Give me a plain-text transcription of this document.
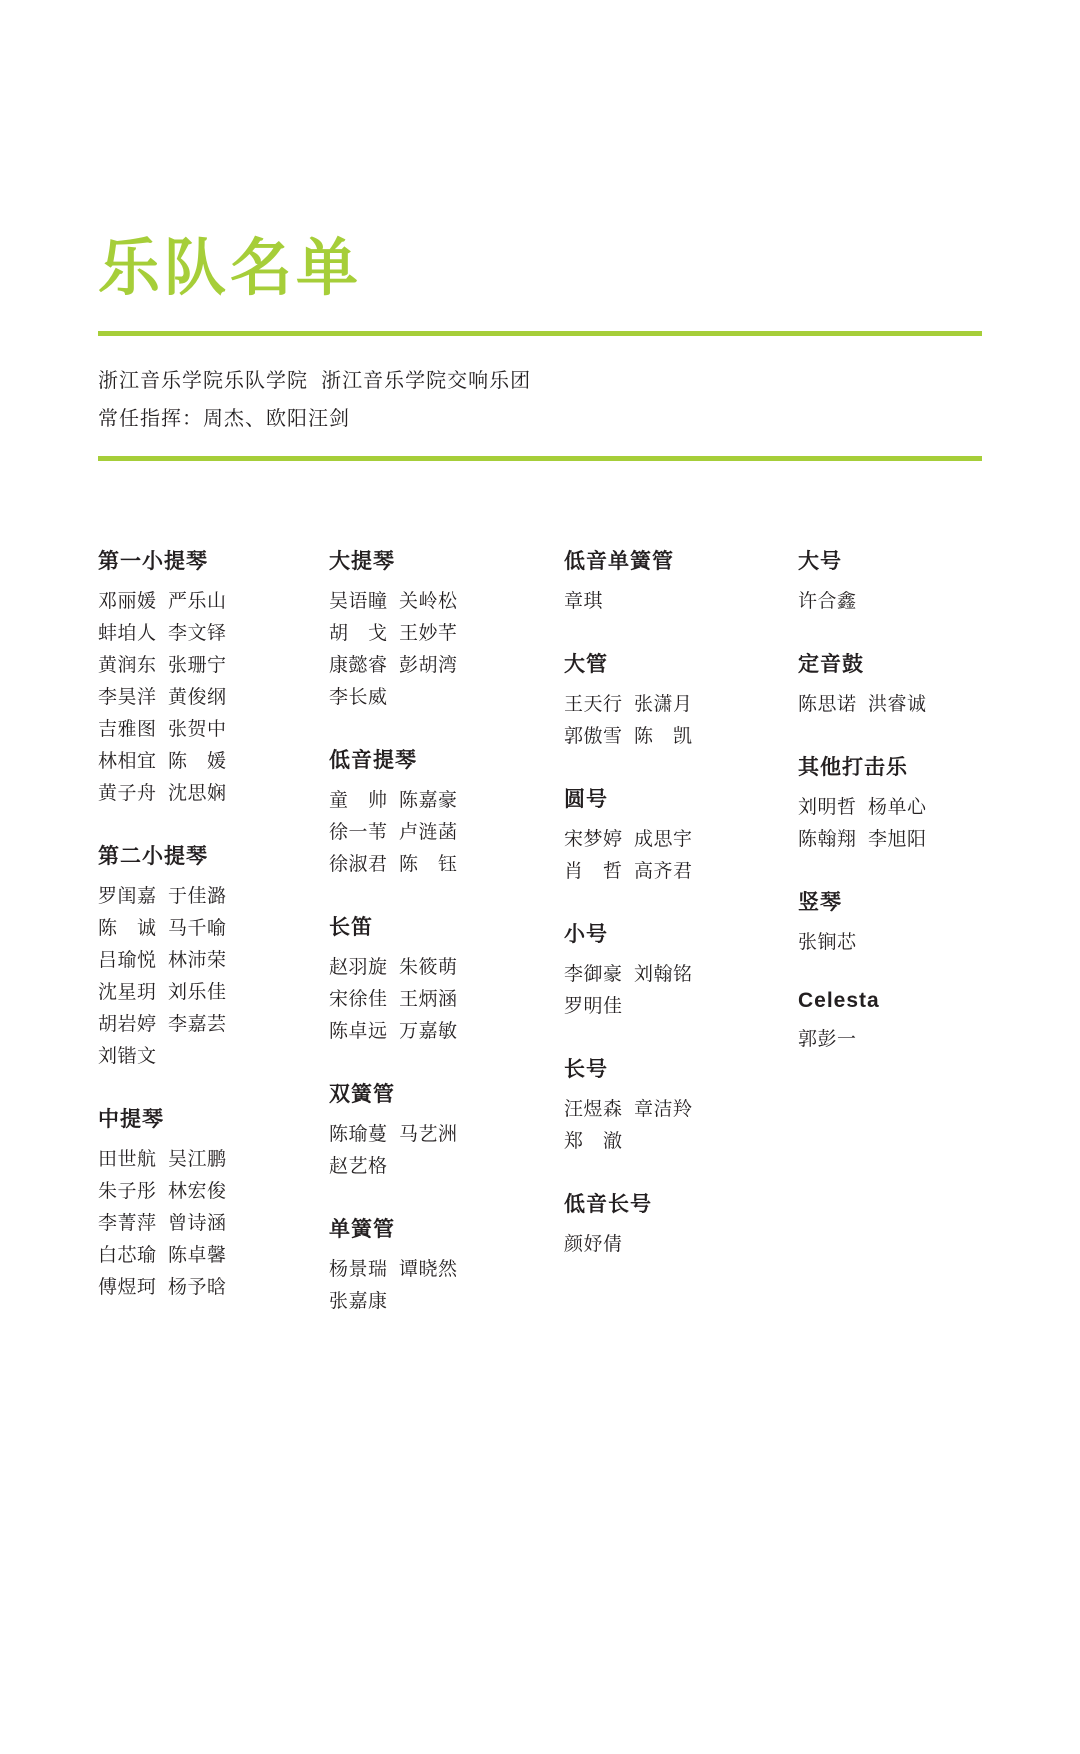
乐队名单
浙江音乐学院乐队学院  浙江音乐学院交响乐团
常任指挥：周杰、欧阳汪剑
第一小提琴
邓丽媛  严乐山
蚌垍人  李文铎
黄润东  张珊宁
李昊洋  黄俊纲
吉雅图  张贺中
林相宜  陈　媛
黄子舟  沈思娴
第二小提琴
罗闺嘉  于佳潞
陈　诚  马千喻
吕瑜悦  林沛荣
沈星玥  刘乐佳
胡岩婷  李嘉芸
刘锴文
中提琴
田世航  吴江鹏
朱子彤  林宏俊
李菁萍  曾诗涵
白芯瑜  陈卓馨
傅煜珂  杨予晗
大提琴
吴语瞳  关岭松
胡　戈  王妙芊
康懿睿  彭胡湾
李长威
低音提琴
童　帅  陈嘉豪
徐一苇  卢涟菡
徐淑君  陈　钰
长笛
赵羽旋  朱筱萌
宋徐佳  王炳涵
陈卓远  万嘉敏
双簧管
陈瑜蔓  马艺洲
赵艺格
单簧管
杨景瑞  谭晓然
张嘉康
低音单簧管
章琪
大管
王天行  张潇月
郭傲雪  陈　凯
圆号
宋梦婷  成思宇
肖　哲  高齐君
小号
李御豪  刘翰铭
罗明佳
长号
汪煜森  章洁羚
郑　澈
低音长号
颜妤倩
大号
许合鑫
定音鼓
陈思诺  洪睿诚
其他打击乐
刘明哲  杨单心
陈翰翔  李旭阳
竖琴
张锏芯
Celesta
郭彭一
